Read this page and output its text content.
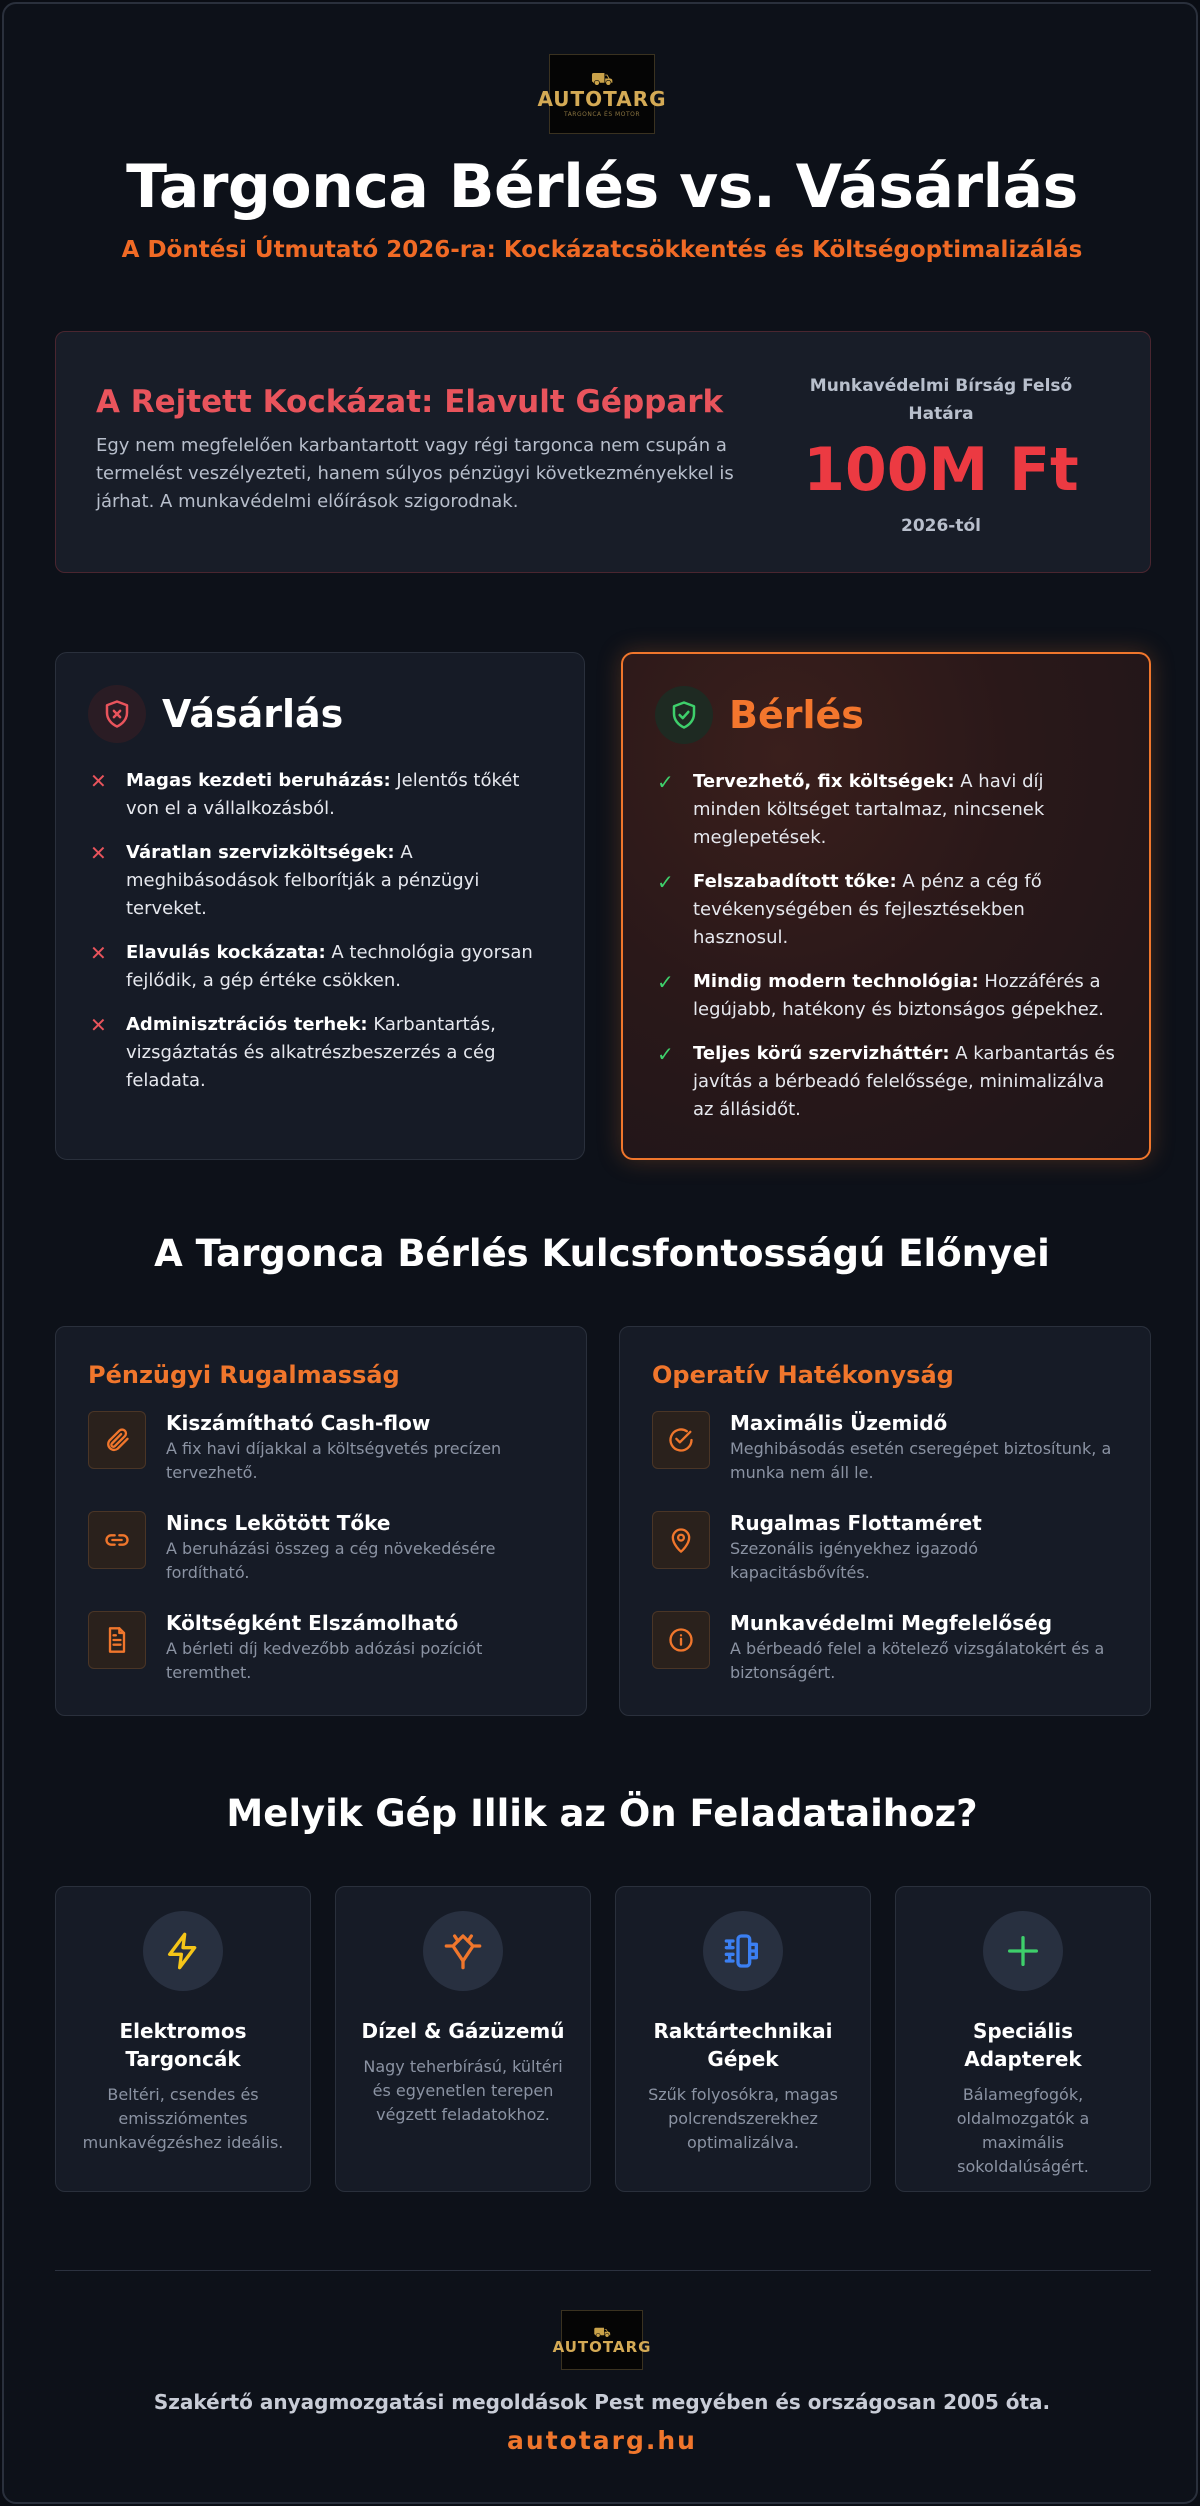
⛟
AUTOTARG
TARGONCA ÉS MOTOR
Targonca Bérlés vs. Vásárlás
A Döntési Útmutató 2026-ra: Kockázatcsökkentés és Költségoptimalizálás
A Rejtett Kockázat: Elavult Géppark

Egy nem megfelelően karbantartott vagy régi targonca nem csupán a termelést veszélyezteti, hanem súlyos pénzügyi következményekkel is járhat. A munkavédelmi előírások szigorodnak.

Munkavédelmi Bírság Felső Határa
100M Ft
2026-tól
Vásárlás
✕	Magas kezdeti beruházás: Jelentős tőkét von el a vállalkozásból.
✕	Váratlan szervizköltségek: A meghibásodások felborítják a pénzügyi terveket.
✕	Elavulás kockázata: A technológia gyorsan fejlődik, a gép értéke csökken.
✕	Adminisztrációs terhek: Karbantartás, vizsgáztatás és alkatrészbeszerzés a cég feladata.
Bérlés
✓	Tervezhető, fix költségek: A havi díj minden költséget tartalmaz, nincsenek meglepetések.
✓	Felszabadított tőke: A pénz a cég fő tevékenységében és fejlesztésekben hasznosul.
✓	Mindig modern technológia: Hozzáférés a legújabb, hatékony és biztonságos gépekhez.
✓	Teljes körű szervizháttér: A karbantartás és javítás a bérbeadó felelőssége, minimalizálva az állásidőt.
A Targonca Bérlés Kulcsfontosságú Előnyei
Pénzügyi Rugalmasság
Kiszámítható Cash-flow
A fix havi díjakkal a költségvetés precízen tervezhető.
Nincs Lekötött Tőke
A beruházási összeg a cég növekedésére fordítható.
Költségként Elszámolható
A bérleti díj kedvezőbb adózási pozíciót teremthet.
Operatív Hatékonyság
Maximális Üzemidő
Meghibásodás esetén cseregépet biztosítunk, a munka nem áll le.
Rugalmas Flottaméret
Szezonális igényekhez igazodó kapacitásbővítés.
Munkavédelmi Megfelelőség
A bérbeadó felel a kötelező vizsgálatokért és a biztonságért.
Melyik Gép Illik az Ön Feladataihoz?
Elektromos Targoncák
Beltéri, csendes és emissziómentes munkavégzéshez ideális.
Dízel & Gázüzemű
Nagy teherbírású, kültéri és egyenetlen terepen végzett feladatokhoz.
Raktártechnikai Gépek
Szűk folyosókra, magas polcrendszerekhez optimalizálva.
Speciális Adapterek
Bálamegfogók, oldalmozgatók a maximális sokoldalúságért.
⛟
AUTOTARG
Szakértő anyagmozgatási megoldások Pest megyében és országosan 2005 óta.
autotarg.hu
